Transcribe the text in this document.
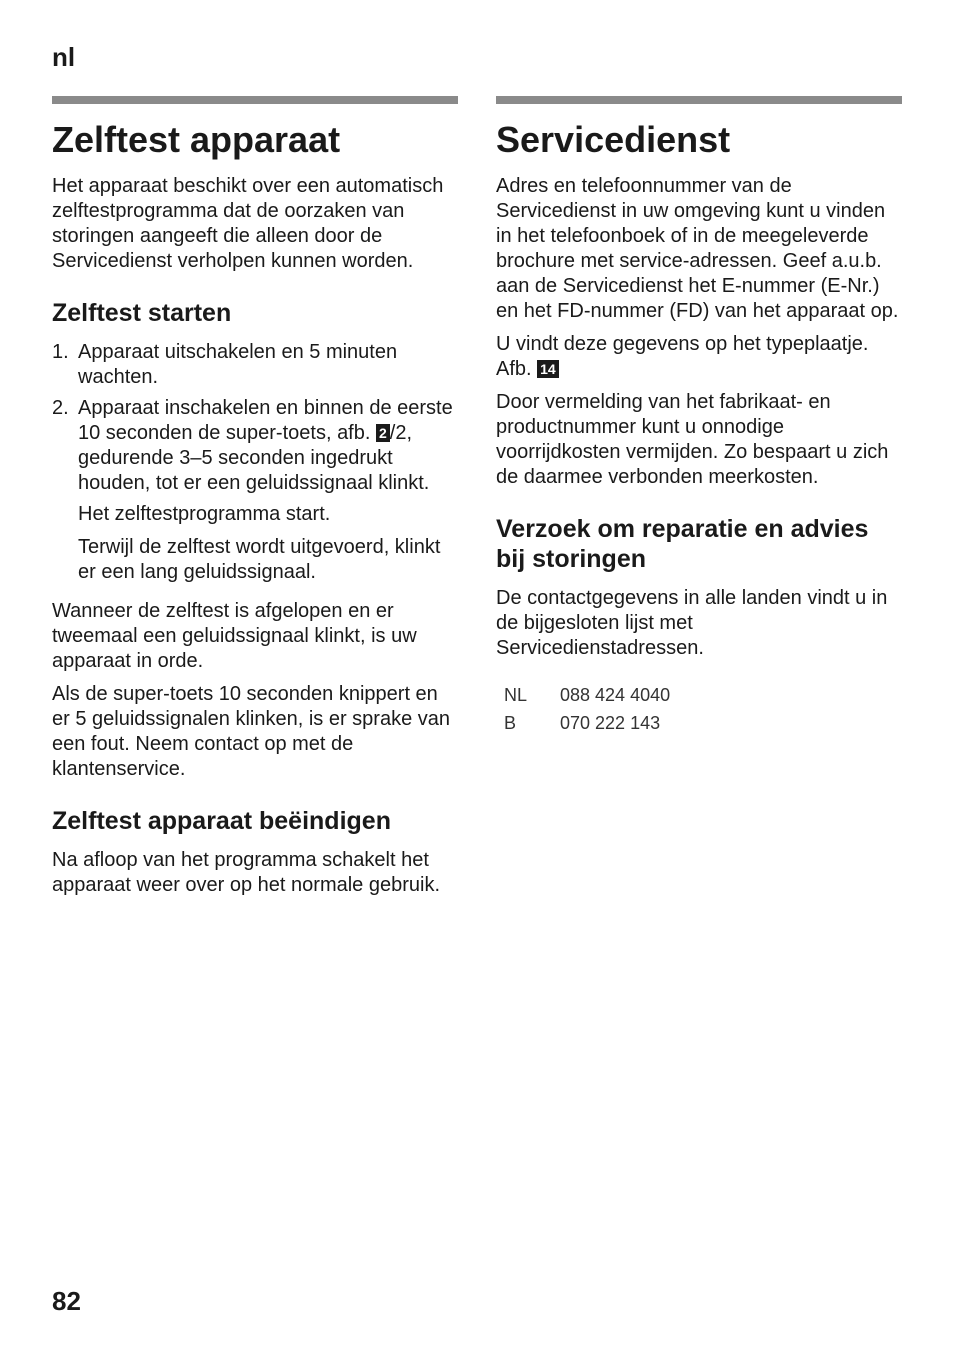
nl
Zelftest apparaat

Het apparaat beschikt over een automatisch zelftestprogramma dat de oorzaken van storingen aangeeft die alleen door de Servicedienst verholpen kunnen worden.

Zelftest starten
1. Apparaat uitschakelen en 5 minuten wachten.
2. Apparaat inschakelen en binnen de eerste 10 seconden de super-toets, afb. 2 /2, gedurende 3–5 seconden ingedrukt houden, tot er een geluidssignaal klinkt.

Het zelftestprogramma start.

Terwijl de zelftest wordt uitgevoerd, klinkt er een lang geluidssignaal.

Wanneer de zelftest is afgelopen en er tweemaal een geluidssignaal klinkt, is uw apparaat in orde.

Als de super-toets 10 seconden knippert en er 5 geluidssignalen klinken, is er sprake van een fout. Neem contact op met de klantenservice.

Zelftest apparaat beëindigen

Na afloop van het programma schakelt het apparaat weer over op het normale gebruik.

Servicedienst

Adres en telefoonnummer van de Servicedienst in uw omgeving kunt u vinden in het telefoonboek of in de meegeleverde brochure met service-adressen. Geef a.u.b. aan de Servicedienst het E-nummer (E-Nr.) en het FD-nummer (FD) van het apparaat op.

U vindt deze gegevens op het typeplaatje. Afb. 14

Door vermelding van het fabrikaat- en productnummer kunt u onnodige voorrijdkosten vermijden. Zo bespaart u zich de daarmee verbonden meerkosten.

Verzoek om reparatie en advies bij storingen

De contactgegevens in alle landen vindt u in de bijgesloten lijst met Servicedienstadressen.

NL	088 424 4040
B	070 222 143
82
